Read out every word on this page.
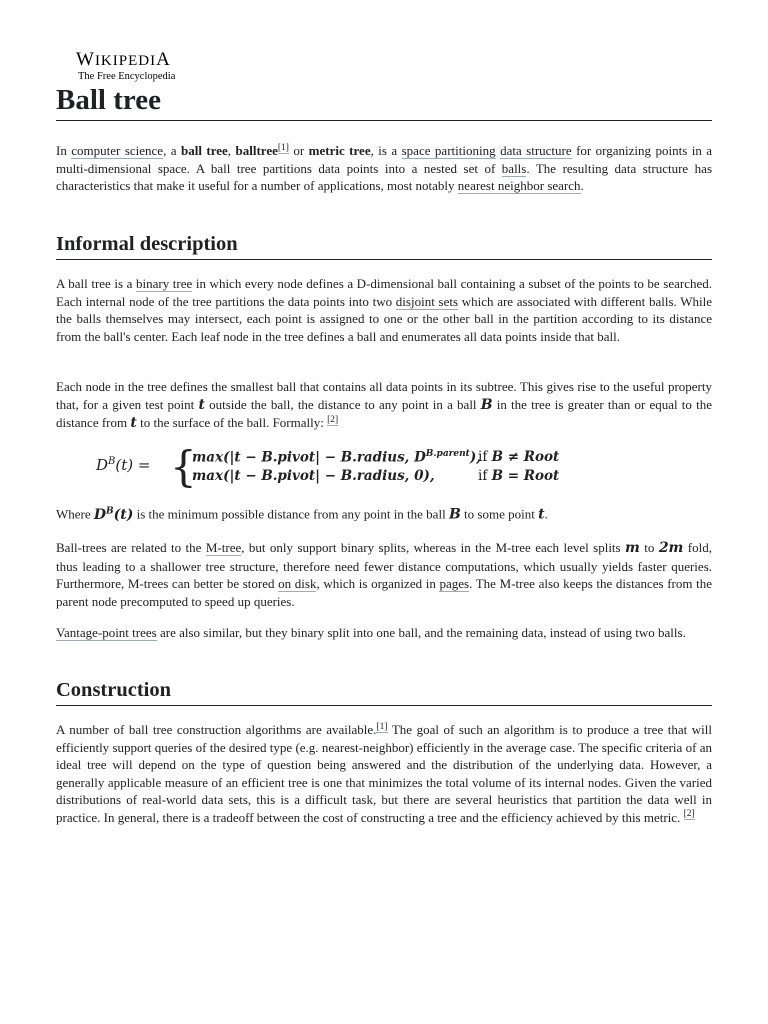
WIKIPEDIA
The Free Encyclopedia
Ball tree

In computer science, a ball tree, balltree[1] or metric tree, is a space partitioning data structure for organizing points in a multi-dimensional space. A ball tree partitions data points into a nested set of balls. The resulting data structure has characteristics that make it useful for a number of applications, most notably nearest neighbor search.

Informal description

A ball tree is a binary tree in which every node defines a D-dimensional ball containing a subset of the points to be searched. Each internal node of the tree partitions the data points into two disjoint sets which are associated with different balls. While the balls themselves may intersect, each point is assigned to one or the other ball in the partition according to its distance from the ball's center. Each leaf node in the tree defines a ball and enumerates all data points inside that ball.

Each node in the tree defines the smallest ball that contains all data points in its subtree. This gives rise to the useful property that, for a given test point t outside the ball, the distance to any point in a ball B in the tree is greater than or equal to the distance from t to the surface of the ball. Formally: [2]

$D^B(t)$ = {
max(|t − B.pivot| − B.radius, $D^{B.parent}$),
max(|t − B.pivot| − B.radius, 0),
if B ≠ Root
if B = Root

Where $D^B(t)$ is the minimum possible distance from any point in the ball B to some point t.

Ball-trees are related to the M-tree, but only support binary splits, whereas in the M-tree each level splits m to 2m fold, thus leading to a shallower tree structure, therefore need fewer distance computations, which usually yields faster queries. Furthermore, M-trees can better be stored on disk, which is organized in pages. The M-tree also keeps the distances from the parent node precomputed to speed up queries.

Vantage-point trees are also similar, but they binary split into one ball, and the remaining data, instead of using two balls.

Construction

A number of ball tree construction algorithms are available.[1] The goal of such an algorithm is to produce a tree that will efficiently support queries of the desired type (e.g. nearest-neighbor) efficiently in the average case. The specific criteria of an ideal tree will depend on the type of question being answered and the distribution of the underlying data. However, a generally applicable measure of an efficient tree is one that minimizes the total volume of its internal nodes. Given the varied distributions of real-world data sets, this is a difficult task, but there are several heuristics that partition the data well in practice. In general, there is a tradeoff between the cost of constructing a tree and the efficiency achieved by this metric. [2]
